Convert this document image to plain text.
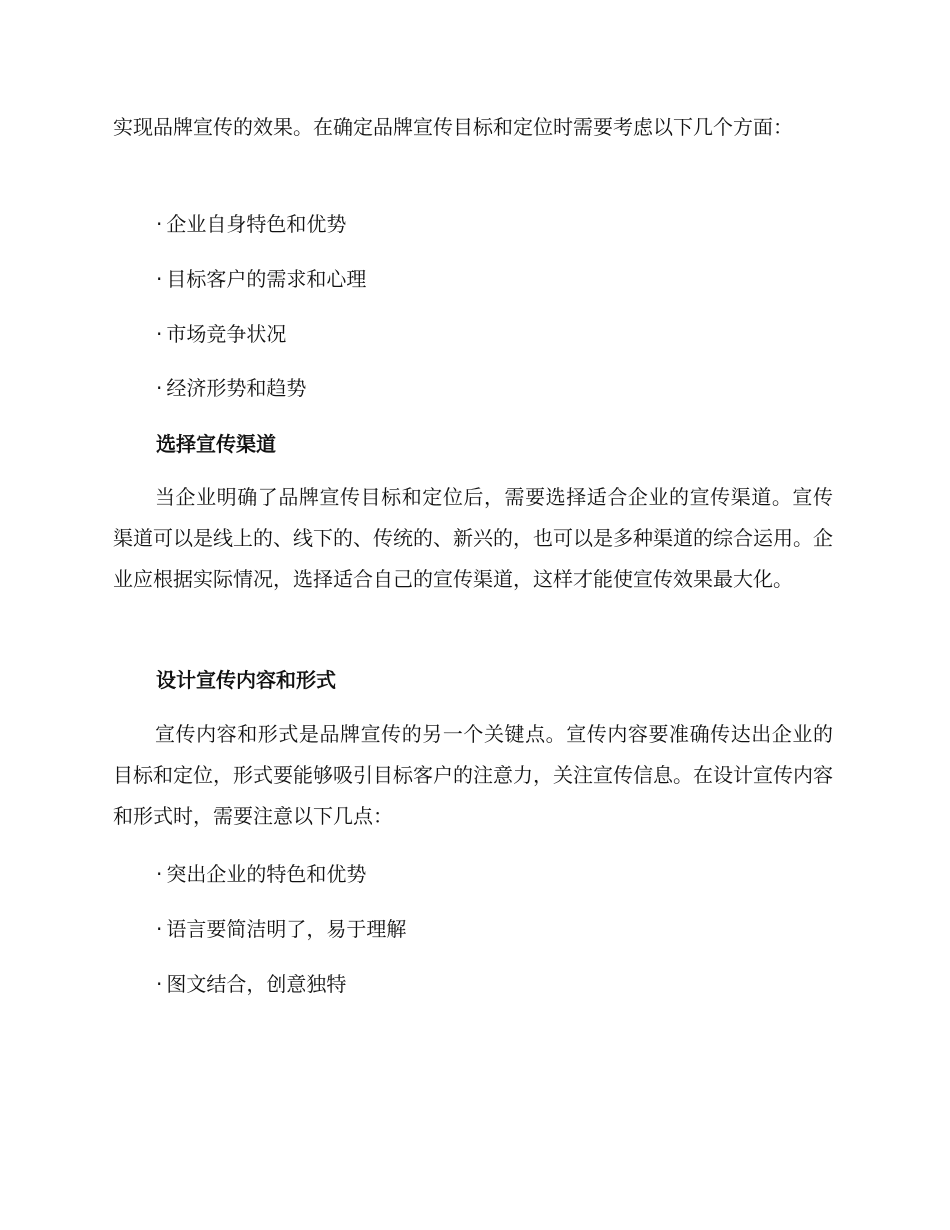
实现品牌宣传的效果。在确定品牌宣传目标和定位时需要考虑以下几个方面：

· 企业自身特色和优势

· 目标客户的需求和心理

· 市场竞争状况

· 经济形势和趋势

选择宣传渠道

当企业明确了品牌宣传目标和定位后，需要选择适合企业的宣传渠道。宣传渠道可以是线上的、线下的、传统的、新兴的，也可以是多种渠道的综合运用。企业应根据实际情况，选择适合自己的宣传渠道，这样才能使宣传效果最大化。

设计宣传内容和形式

宣传内容和形式是品牌宣传的另一个关键点。宣传内容要准确传达出企业的目标和定位，形式要能够吸引目标客户的注意力，关注宣传信息。在设计宣传内容和形式时，需要注意以下几点：

· 突出企业的特色和优势

· 语言要简洁明了，易于理解

· 图文结合，创意独特
